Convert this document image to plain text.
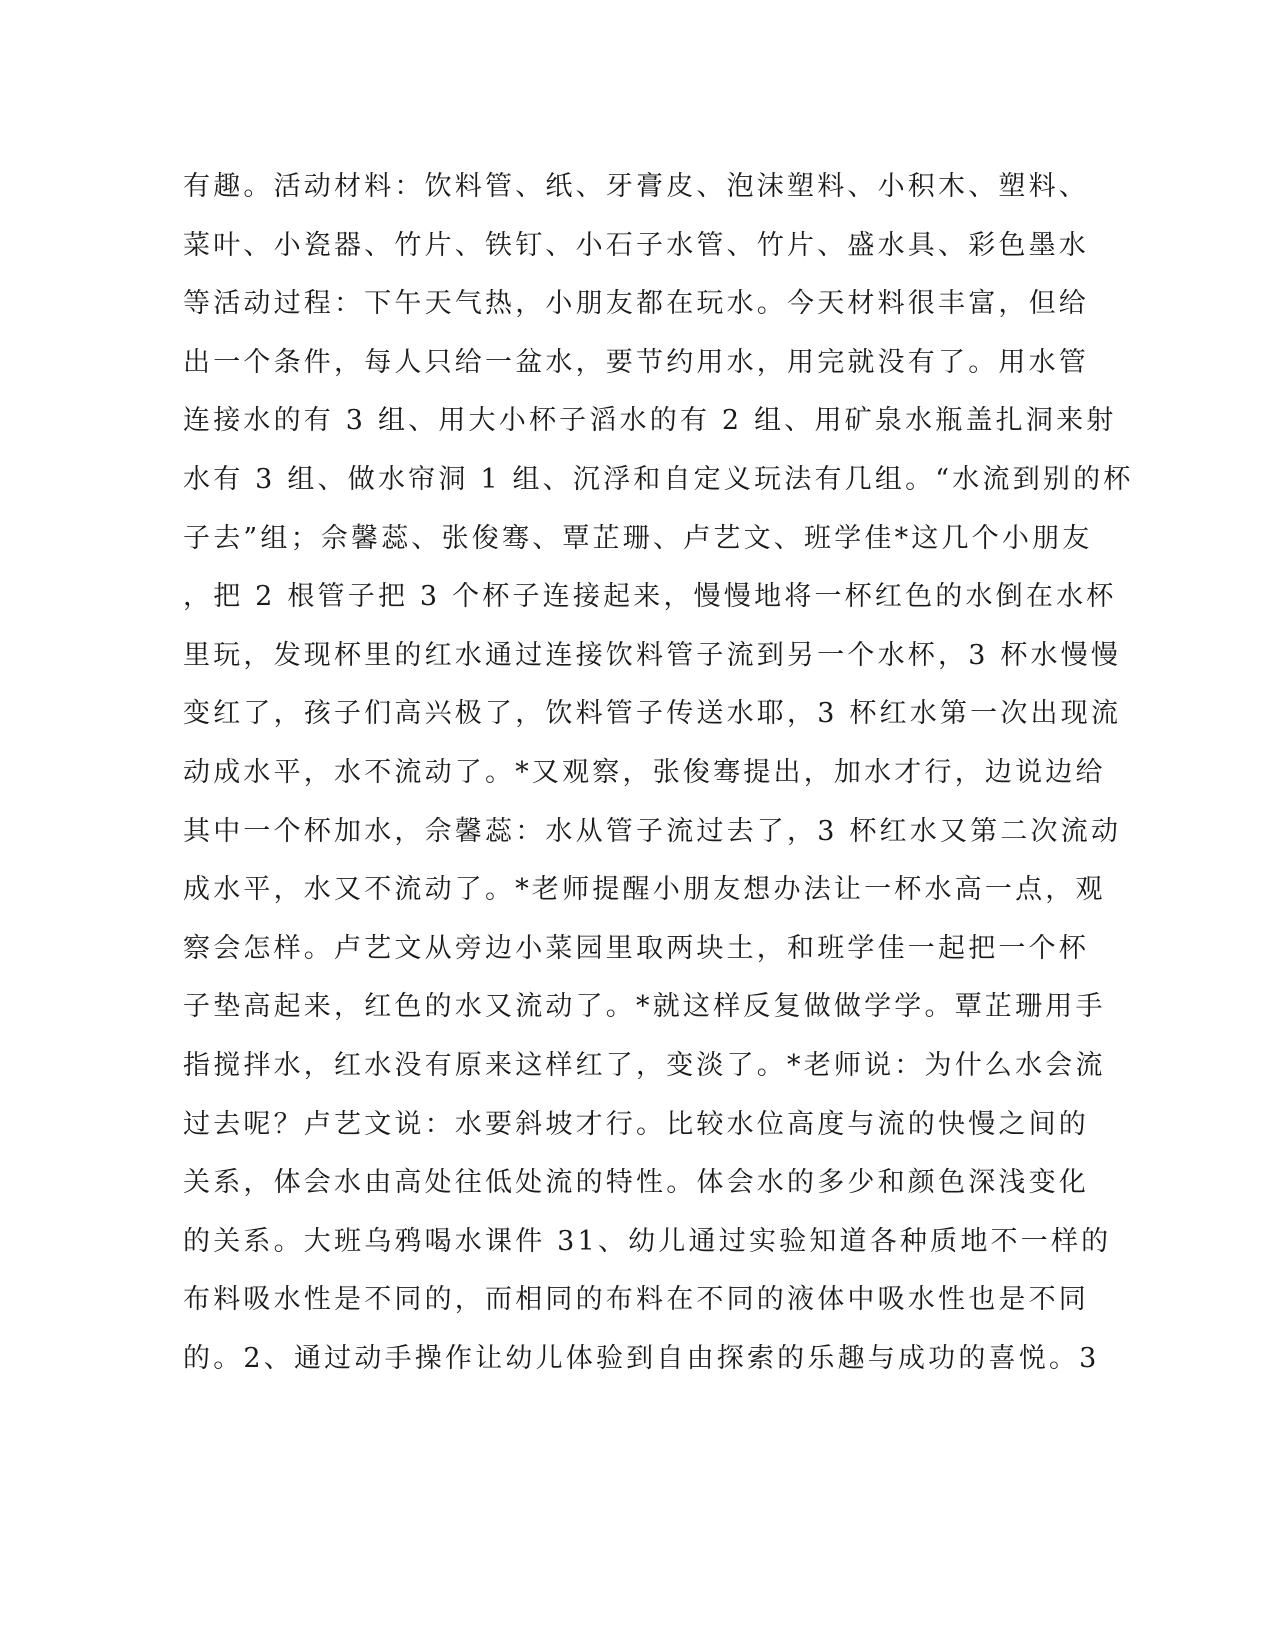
有趣。活动材料：饮料管、纸、牙膏皮、泡沫塑料、小积木、塑料、
菜叶、小瓷器、竹片、铁钉、小石子水管、竹片、盛水具、彩色墨水
等活动过程：下午天气热，小朋友都在玩水。今天材料很丰富，但给
出一个条件，每人只给一盆水，要节约用水，用完就没有了。用水管
连接水的有 3 组、用大小杯子滔水的有 2 组、用矿泉水瓶盖扎洞来射
水有 3 组、做水帘洞 1 组、沉浮和自定义玩法有几组。“水流到别的杯
子去”组；佘馨蕊、张俊骞、覃芷珊、卢艺文、班学佳*这几个小朋友
，把 2 根管子把 3 个杯子连接起来，慢慢地将一杯红色的水倒在水杯
里玩，发现杯里的红水通过连接饮料管子流到另一个水杯，3 杯水慢慢
变红了，孩子们高兴极了，饮料管子传送水耶，3 杯红水第一次出现流
动成水平，水不流动了。*又观察，张俊骞提出，加水才行，边说边给
其中一个杯加水，佘馨蕊：水从管子流过去了，3 杯红水又第二次流动
成水平，水又不流动了。*老师提醒小朋友想办法让一杯水高一点，观
察会怎样。卢艺文从旁边小菜园里取两块土，和班学佳一起把一个杯
子垫高起来，红色的水又流动了。*就这样反复做做学学。覃芷珊用手
指搅拌水，红水没有原来这样红了，变淡了。*老师说：为什么水会流
过去呢？卢艺文说：水要斜坡才行。比较水位高度与流的快慢之间的
关系，体会水由高处往低处流的特性。体会水的多少和颜色深浅变化
的关系。大班乌鸦喝水课件 31、幼儿通过实验知道各种质地不一样的
布料吸水性是不同的，而相同的布料在不同的液体中吸水性也是不同
的。2、通过动手操作让幼儿体验到自由探索的乐趣与成功的喜悦。3
